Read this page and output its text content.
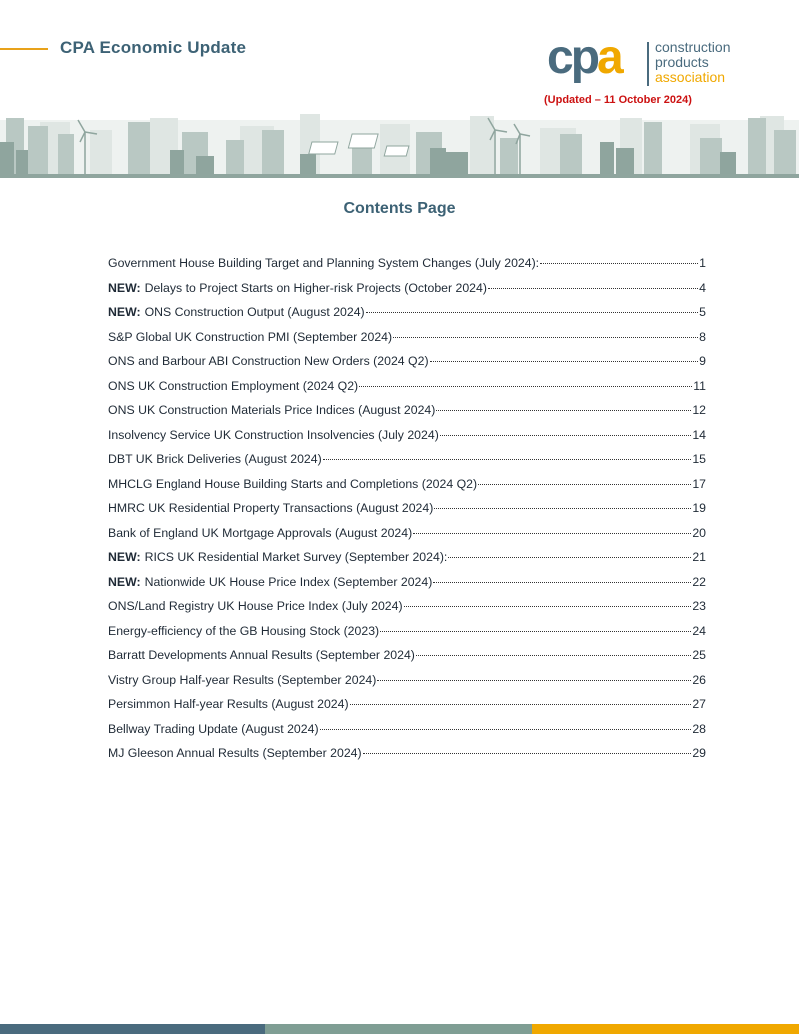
CPA Economic Update	cpa construction
products
association
(Updated – 11 October 2024)
Contents Page
Government House Building Target and Planning System Changes (July 2024):	1
NEW: Delays to Project Starts on Higher-risk Projects (October 2024)	4
NEW: ONS Construction Output (August 2024)	5
S&P Global UK Construction PMI (September 2024)	8
ONS and Barbour ABI Construction New Orders (2024 Q2)	9
ONS UK Construction Employment (2024 Q2)	11
ONS UK Construction Materials Price Indices (August 2024)	12
Insolvency Service UK Construction Insolvencies (July 2024)	14
DBT UK Brick Deliveries (August 2024)	15
MHCLG England House Building Starts and Completions (2024 Q2)	17
HMRC UK Residential Property Transactions (August 2024)	19
Bank of England UK Mortgage Approvals (August 2024)	20
NEW: RICS UK Residential Market Survey (September 2024):	21
NEW: Nationwide UK House Price Index (September 2024)	22
ONS/Land Registry UK House Price Index (July 2024)	23
Energy-efficiency of the GB Housing Stock (2023)	24
Barratt Developments Annual Results (September 2024)	25
Vistry Group Half-year Results (September 2024)	26
Persimmon Half-year Results (August 2024)	27
Bellway Trading Update (August 2024)	28
MJ Gleeson Annual Results (September 2024)	29
